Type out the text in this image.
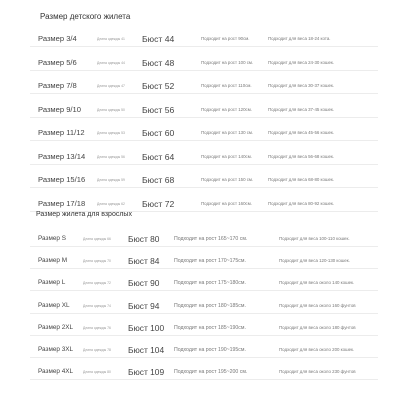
Размер детского жилета
Размер 3/4	Длина одежды 41 Бюст 44	Подходит на рост 90см.	Подходит для веса 18-24 кота.
Размер 5/6	Длина одежды 44 Бюст 48	Подходит на рост 100 см.	Подходит для веса 24-30 кошек.
Размер 7/8	Длина одежды 47 Бюст 52	Подходит на рост 110см.	Подходит для веса 30-37 кошек.
Размер 9/10	Длина одежды 50 Бюст 56	Подходит на рост 120см.	Подходит для веса 37-45 кошек.
Размер 11/12	Длина одежды 53 Бюст 60	Подходит на рост 130 см.	Подходит для веса 45-56 кошек.
Размер 13/14	Длина одежды 56 Бюст 64	Подходит на рост 140см.	Подходит для веса 56-68 кошек.
Размер 15/16	Длина одежды 59 Бюст 68	Подходит на рост 150 см.	Подходит для веса 68-80 кошек.
Размер 17/18	Длина одежды 62 Бюст 72	Подходит на рост 160см.	Подходит для веса 80-92 кошек.
Размер жилета для взрослых
Размер S	Длина одежды 66 Бюст 80	Подходит на рост 165~170 см.	Подходит для веса 100-110 кошек.
Размер M	Длина одежды 70 Бюст 84	Подходит на рост 170~175см.	Подходит для веса 120-130 кошек.
Размер L	Длина одежды 72 Бюст 90	Подходит на рост 175~180см.	Подходит для веса около 140 кошек.
Размер XL	Длина одежды 74 Бюст 94	Подходит на рост 180~185см.	Подходит для веса около 160 фунтов
Размер 2XL	Длина одежды 76 Бюст 100 Подходит на рост 185~190см.	Подходит для веса около 180 фунтов
Размер 3XL	Длина одежды 78 Бюст 104 Подходит на рост 190~195см.	Подходит для веса около 200 кошек.
Размер 4XL	Длина одежды 80 Бюст 109 Подходит на рост 195~200 см.	Подходит для веса около 230 фунтов
